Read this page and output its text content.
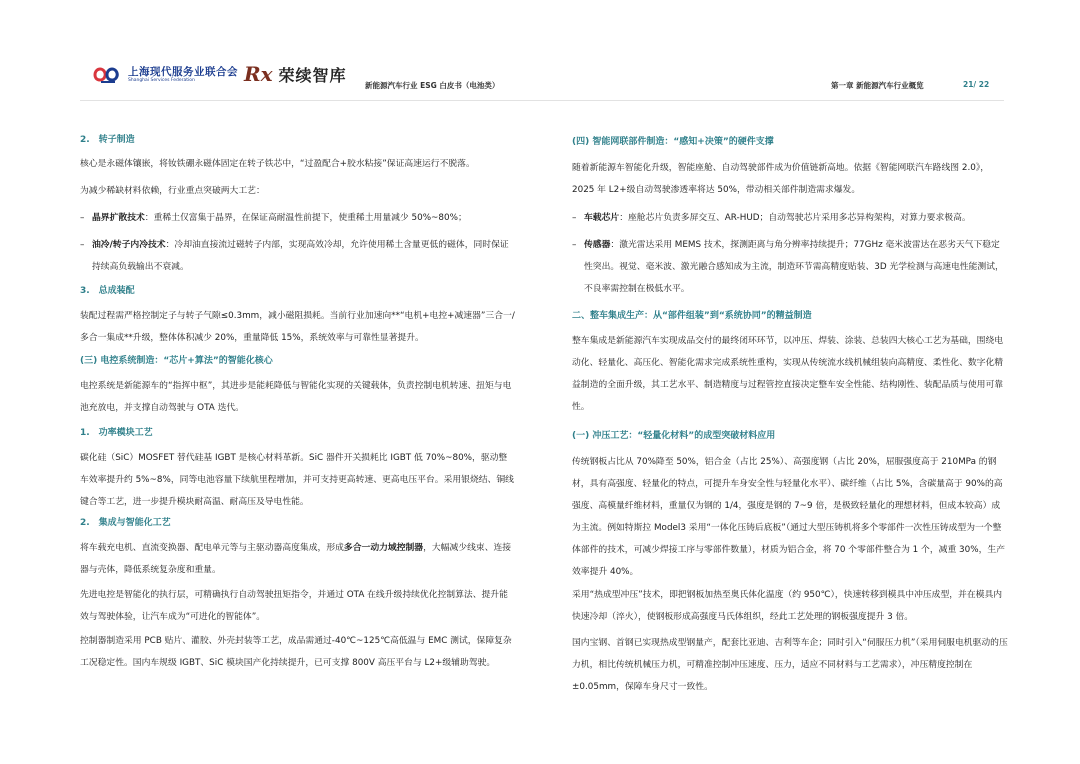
上海现代服务业联合会
Shanghai Services Federation	Rx 荣续智库
新能源汽车行业 ESG 白皮书（电池类）	第一章 新能源汽车行业概览	21/ 22
2.　转子制造
核心是永磁体镶嵌，将钕铁硼永磁体固定在转子铁芯中，“过盈配合+胶水粘接”保证高速运行不脱落。
为减少稀缺材料依赖，行业重点突破两大工艺：
– 晶界扩散技术：重稀土仅富集于晶界，在保证高耐温性前提下，使重稀土用量减少 50%~80%；
– 油冷/转子内冷技术：冷却油直接流过磁转子内部，实现高效冷却，允许使用稀土含量更低的磁体，同时保证持续高负载输出不衰减。
3.　总成装配
装配过程需严格控制定子与转子气隙≤0.3mm，减小磁阻损耗。当前行业加速向**“电机+电控+减速器”三合一/多合一集成**升级，整体体积减少 20%，重量降低 15%，系统效率与可靠性显著提升。
(三) 电控系统制造：“芯片+算法”的智能化核心
电控系统是新能源车的“指挥中枢”，其进步是能耗降低与智能化实现的关键载体，负责控制电机转速、扭矩与电池充放电，并支撑自动驾驶与 OTA 迭代。
1.　功率模块工艺
碳化硅（SiC）MOSFET 替代硅基 IGBT 是核心材料革新。SiC 器件开关损耗比 IGBT 低 70%~80%，驱动整车效率提升约 5%~8%，同等电池容量下续航里程增加，并可支持更高转速、更高电压平台。采用银烧结、铜线键合等工艺，进一步提升模块耐高温、耐高压及导电性能。
2.　集成与智能化工艺
将车载充电机、直流变换器、配电单元等与主驱动器高度集成，形成多合一动力域控制器，大幅减少线束、连接器与壳体，降低系统复杂度和重量。
先进电控是智能化的执行层，可精确执行自动驾驶扭矩指令，并通过 OTA 在线升级持续优化控制算法、提升能效与驾驶体验，让汽车成为“可进化的智能体”。
控制器制造采用 PCB 贴片、灌胶、外壳封装等工艺，成品需通过-40℃~125℃高低温与 EMC 测试，保障复杂工况稳定性。国内车规级 IGBT、SiC 模块国产化持续提升，已可支撑 800V 高压平台与 L2+级辅助驾驶。
(四) 智能网联部件制造：“感知+决策”的硬件支撑
随着新能源车智能化升级，智能座舱、自动驾驶部件成为价值链新高地。依据《智能网联汽车路线图 2.0》，2025 年 L2+级自动驾驶渗透率将达 50%，带动相关部件制造需求爆发。
– 车载芯片：座舱芯片负责多屏交互、AR-HUD；自动驾驶芯片采用多芯异构架构，对算力要求极高。
– 传感器：激光雷达采用 MEMS 技术，探测距离与角分辨率持续提升；77GHz 毫米波雷达在恶劣天气下稳定性突出。视觉、毫米波、激光融合感知成为主流，制造环节需高精度贴装、3D 光学检测与高速电性能测试，不良率需控制在极低水平。
二、整车集成生产：从“部件组装”到“系统协同”的精益制造
整车集成是新能源汽车实现成品交付的最终闭环环节，以冲压、焊装、涂装、总装四大核心工艺为基础，围绕电动化、轻量化、高压化、智能化需求完成系统性重构，实现从传统流水线机械组装向高精度、柔性化、数字化精益制造的全面升级，其工艺水平、制造精度与过程管控直接决定整车安全性能、结构刚性、装配品质与使用可靠性。
(一) 冲压工艺：“轻量化材料”的成型突破材料应用
传统钢板占比从 70%降至 50%，铝合金（占比 25%）、高强度钢（占比 20%，屈服强度高于 210MPa 的钢材，具有高强度、轻量化的特点，可提升车身安全性与轻量化水平）、碳纤维（占比 5%，含碳量高于 90%的高强度、高模量纤维材料，重量仅为钢的 1/4，强度是钢的 7~9 倍，是极致轻量化的理想材料，但成本较高）成为主流。例如特斯拉 Model3 采用“一体化压铸后底板”（通过大型压铸机将多个零部件一次性压铸成型为一个整体部件的技术，可减少焊接工序与零部件数量），材质为铝合金，将 70 个零部件整合为 1 个，减重 30%，生产效率提升 40%。
采用“热成型冲压”技术，即把钢板加热至奥氏体化温度（约 950℃），快速转移到模具中冲压成型，并在模具内快速冷却（淬火），使钢板形成高强度马氏体组织，经此工艺处理的钢板强度提升 3 倍。
国内宝钢、首钢已实现热成型钢量产，配套比亚迪、吉利等车企；同时引入“伺服压力机”（采用伺服电机驱动的压力机，相比传统机械压力机，可精准控制冲压速度、压力，适应不同材料与工艺需求），冲压精度控制在±0.05mm，保障车身尺寸一致性。
